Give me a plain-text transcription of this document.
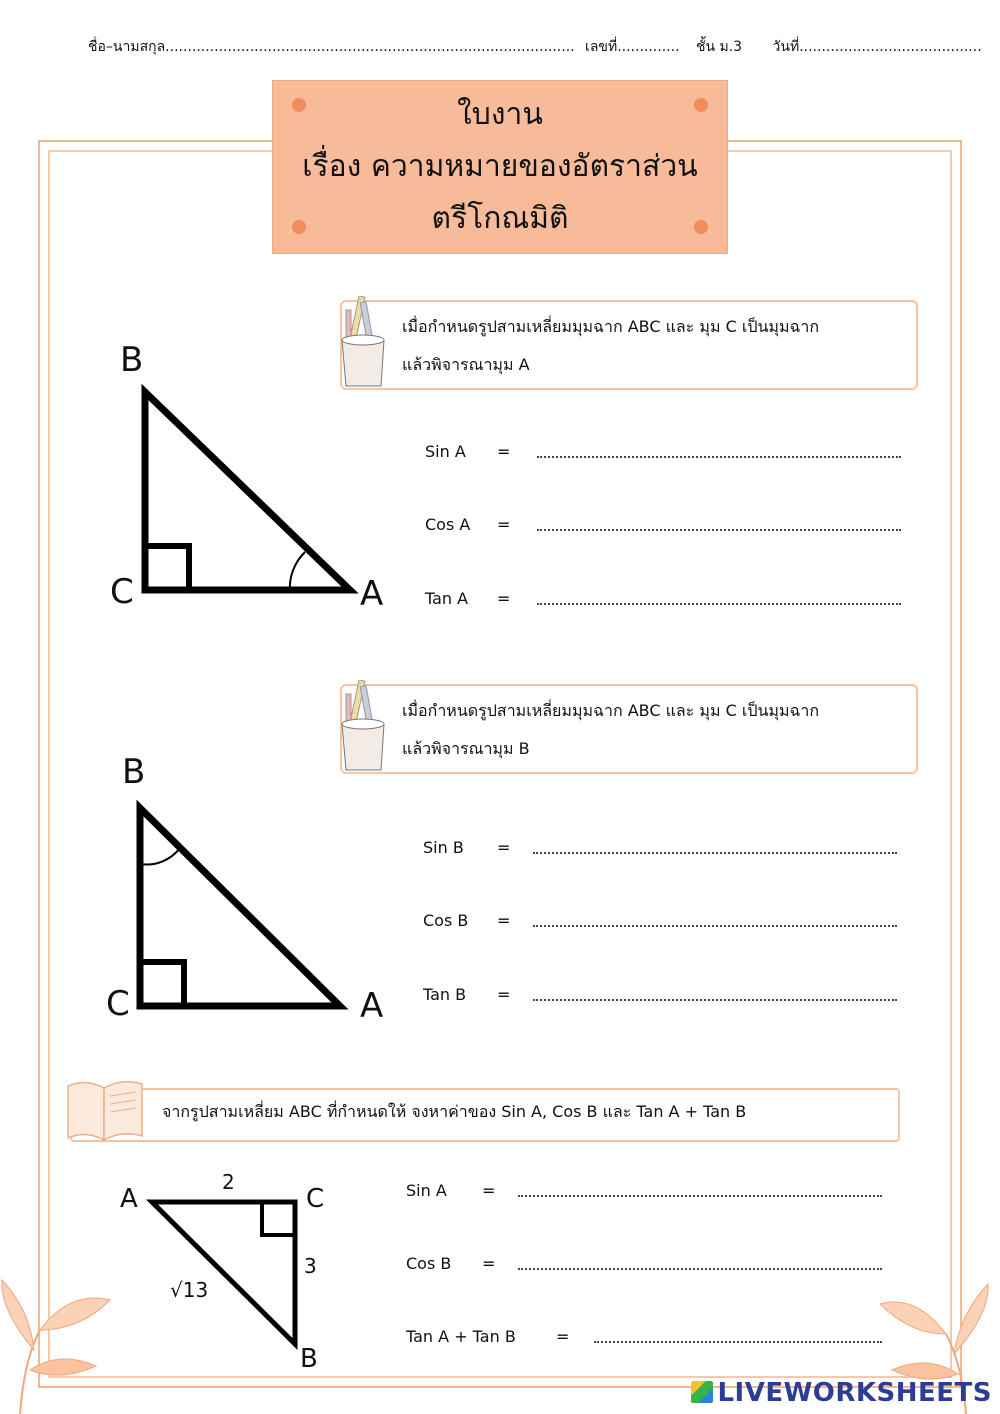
ชื่อ–นามสกุล............................................................................................ เลขที่.............. ชั้น ม.3 วันที่.........................................
ใบงาน
เรื่อง ความหมายของอัตราส่วน
ตรีโกณมิติ
เมื่อกำหนดรูปสามเหลี่ยมมุมฉาก ABC และ มุม C เป็นมุมฉาก
แล้วพิจารณามุม A
B
C	A
Sin A =
Cos A =
Tan A =
เมื่อกำหนดรูปสามเหลี่ยมมุมฉาก ABC และ มุม C เป็นมุมฉาก
แล้วพิจารณามุม B
B
C	A
Sin B =
Cos B =
Tan B =
จากรูปสามเหลี่ยม ABC ที่กำหนดให้ จงหาค่าของ Sin A, Cos B และ Tan A + Tan B
A	C
B
2
3
√13
Sin A =
Cos B =
Tan A + Tan B	=
LIVEWORKSHEETS
